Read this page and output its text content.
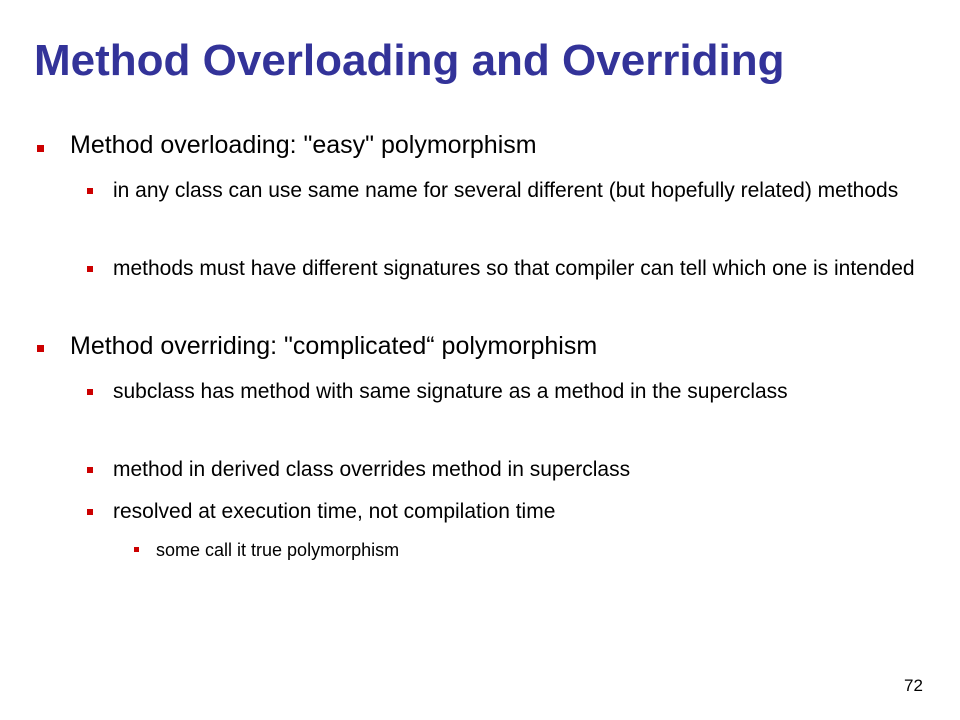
Method Overloading and Overriding
Method overloading: "easy" polymorphism
in any class can use same name for several different (but hopefully related) methods
methods must have different signatures so that compiler can tell which one is intended
Method overriding: "complicated“ polymorphism
subclass has method with same signature as a method in the superclass
method in derived class overrides method in superclass
resolved at execution time, not compilation time
some call it true polymorphism
72
